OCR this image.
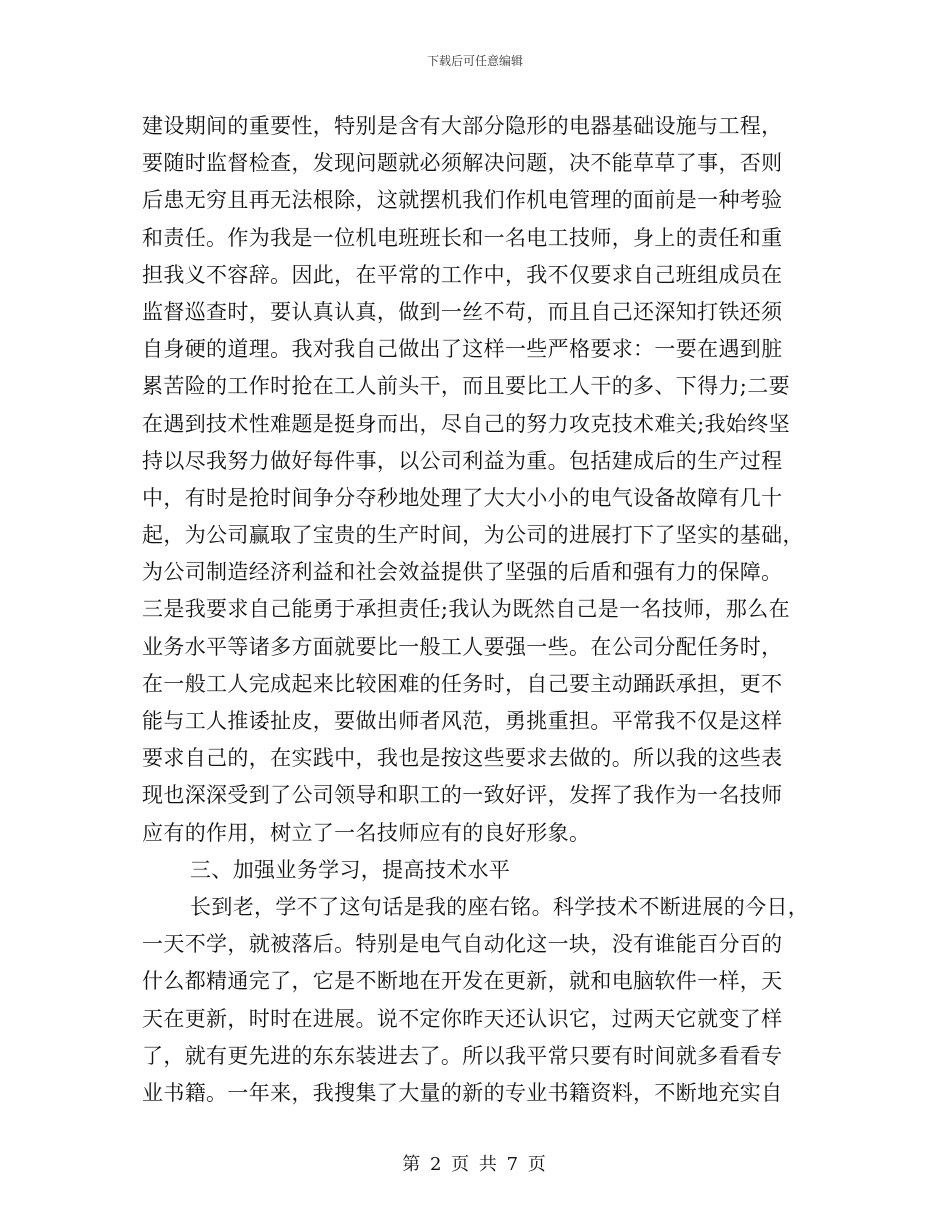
下载后可任意编辑
建设期间的重要性，特别是含有大部分隐形的电器基础设施与工程，
要随时监督检查，发现问题就必须解决问题，决不能草草了事，否则
后患无穷且再无法根除，这就摆机我们作机电管理的面前是一种考验
和责任。作为我是一位机电班班长和一名电工技师，身上的责任和重
担我义不容辞。因此，在平常的工作中，我不仅要求自己班组成员在
监督巡查时，要认真认真，做到一丝不苟，而且自己还深知打铁还须
自身硬的道理。我对我自己做出了这样一些严格要求：一要在遇到脏
累苦险的工作时抢在工人前头干，而且要比工人干的多、下得力;二要
在遇到技术性难题是挺身而出，尽自己的努力攻克技术难关;我始终坚
持以尽我努力做好每件事，以公司利益为重。包括建成后的生产过程
中，有时是抢时间争分夺秒地处理了大大小小的电气设备故障有几十
起，为公司赢取了宝贵的生产时间，为公司的进展打下了坚实的基础，
为公司制造经济利益和社会效益提供了坚强的后盾和强有力的保障。
三是我要求自己能勇于承担责任;我认为既然自己是一名技师，那么在
业务水平等诸多方面就要比一般工人要强一些。在公司分配任务时，
在一般工人完成起来比较困难的任务时，自己要主动踊跃承担，更不
能与工人推诿扯皮，要做出师者风范，勇挑重担。平常我不仅是这样
要求自己的，在实践中，我也是按这些要求去做的。所以我的这些表
现也深深受到了公司领导和职工的一致好评，发挥了我作为一名技师
应有的作用，树立了一名技师应有的良好形象。
三、加强业务学习，提高技术水平
长到老，学不了这句话是我的座右铭。科学技术不断进展的今日，
一天不学，就被落后。特别是电气自动化这一块，没有谁能百分百的
什么都精通完了，它是不断地在开发在更新，就和电脑软件一样，天
天在更新，时时在进展。说不定你昨天还认识它，过两天它就变了样
了，就有更先进的东东装进去了。所以我平常只要有时间就多看看专
业书籍。一年来，我搜集了大量的新的专业书籍资料，不断地充实自
第 2 页 共 7 页
